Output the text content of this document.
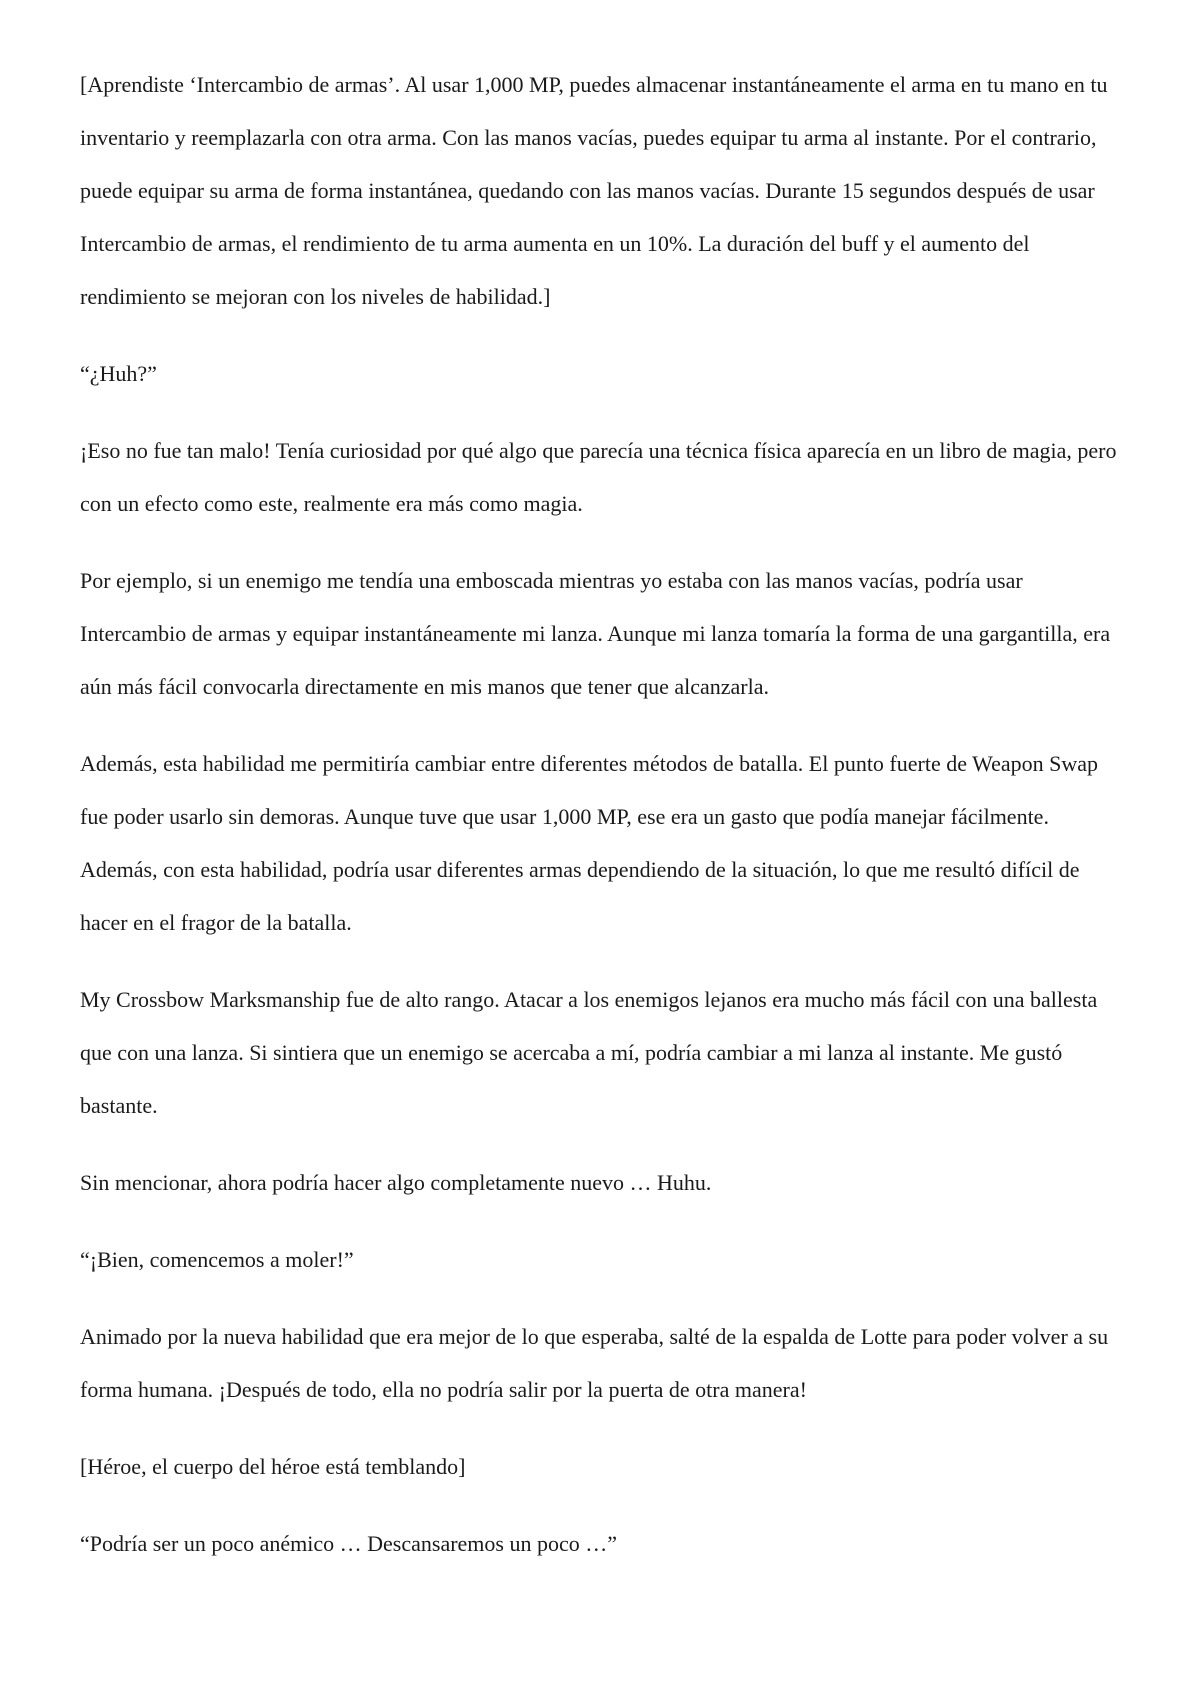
[Aprendiste ‘Intercambio de armas’. Al usar 1,000 MP, puedes almacenar instantáneamente el arma en tu mano en tu inventario y reemplazarla con otra arma. Con las manos vacías, puedes equipar tu arma al instante. Por el contrario, puede equipar su arma de forma instantánea, quedando con las manos vacías. Durante 15 segundos después de usar Intercambio de armas, el rendimiento de tu arma aumenta en un 10%. La duración del buff y el aumento del rendimiento se mejoran con los niveles de habilidad.]

“¿Huh?”

¡Eso no fue tan malo! Tenía curiosidad por qué algo que parecía una técnica física aparecía en un libro de magia, pero con un efecto como este, realmente era más como magia.

Por ejemplo, si un enemigo me tendía una emboscada mientras yo estaba con las manos vacías, podría usar Intercambio de armas y equipar instantáneamente mi lanza. Aunque mi lanza tomaría la forma de una gargantilla, era aún más fácil convocarla directamente en mis manos que tener que alcanzarla.

Además, esta habilidad me permitiría cambiar entre diferentes métodos de batalla. El punto fuerte de Weapon Swap fue poder usarlo sin demoras. Aunque tuve que usar 1,000 MP, ese era un gasto que podía manejar fácilmente. Además, con esta habilidad, podría usar diferentes armas dependiendo de la situación, lo que me resultó difícil de hacer en el fragor de la batalla.

My Crossbow Marksmanship fue de alto rango. Atacar a los enemigos lejanos era mucho más fácil con una ballesta que con una lanza. Si sintiera que un enemigo se acercaba a mí, podría cambiar a mi lanza al instante. Me gustó bastante.

Sin mencionar, ahora podría hacer algo completamente nuevo … Huhu.

“¡Bien, comencemos a moler!”

Animado por la nueva habilidad que era mejor de lo que esperaba, salté de la espalda de Lotte para poder volver a su forma humana. ¡Después de todo, ella no podría salir por la puerta de otra manera!

[Héroe, el cuerpo del héroe está temblando]

“Podría ser un poco anémico … Descansaremos un poco …”
